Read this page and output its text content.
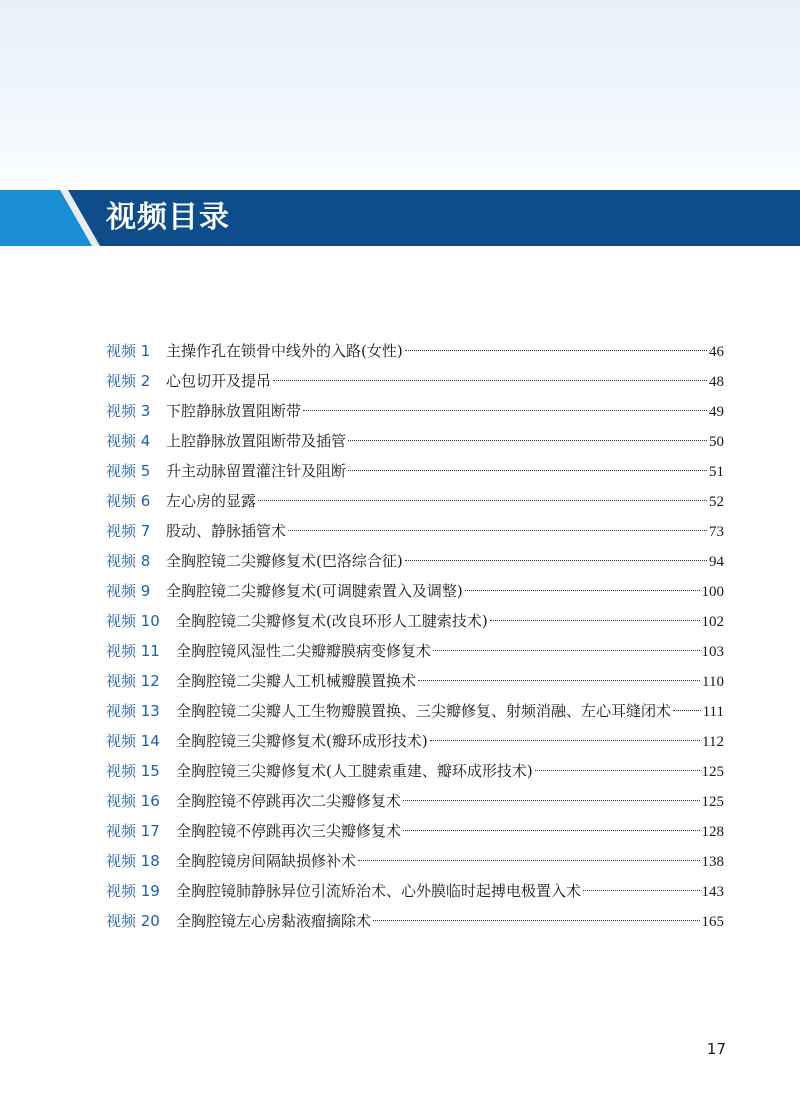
视频目录
视频 1	主操作孔在锁骨中线外的入路(女性)	46
视频 2	心包切开及提吊	48
视频 3	下腔静脉放置阻断带	49
视频 4	上腔静脉放置阻断带及插管	50
视频 5	升主动脉留置灌注针及阻断	51
视频 6	左心房的显露	52
视频 7	股动、静脉插管术	73
视频 8	全胸腔镜二尖瓣修复术(巴洛综合征)	94
视频 9	全胸腔镜二尖瓣修复术(可调腱索置入及调整)	100
视频 10	全胸腔镜二尖瓣修复术(改良环形人工腱索技术)	102
视频 11	全胸腔镜风湿性二尖瓣瓣膜病变修复术	103
视频 12	全胸腔镜二尖瓣人工机械瓣膜置换术	110
视频 13	全胸腔镜二尖瓣人工生物瓣膜置换、三尖瓣修复、射频消融、左心耳缝闭术 111
视频 14	全胸腔镜三尖瓣修复术(瓣环成形技术)	112
视频 15	全胸腔镜三尖瓣修复术(人工腱索重建、瓣环成形技术)	125
视频 16	全胸腔镜不停跳再次二尖瓣修复术	125
视频 17	全胸腔镜不停跳再次三尖瓣修复术	128
视频 18	全胸腔镜房间隔缺损修补术	138
视频 19	全胸腔镜肺静脉异位引流矫治术、心外膜临时起搏电极置入术	143
视频 20	全胸腔镜左心房黏液瘤摘除术	165
17
